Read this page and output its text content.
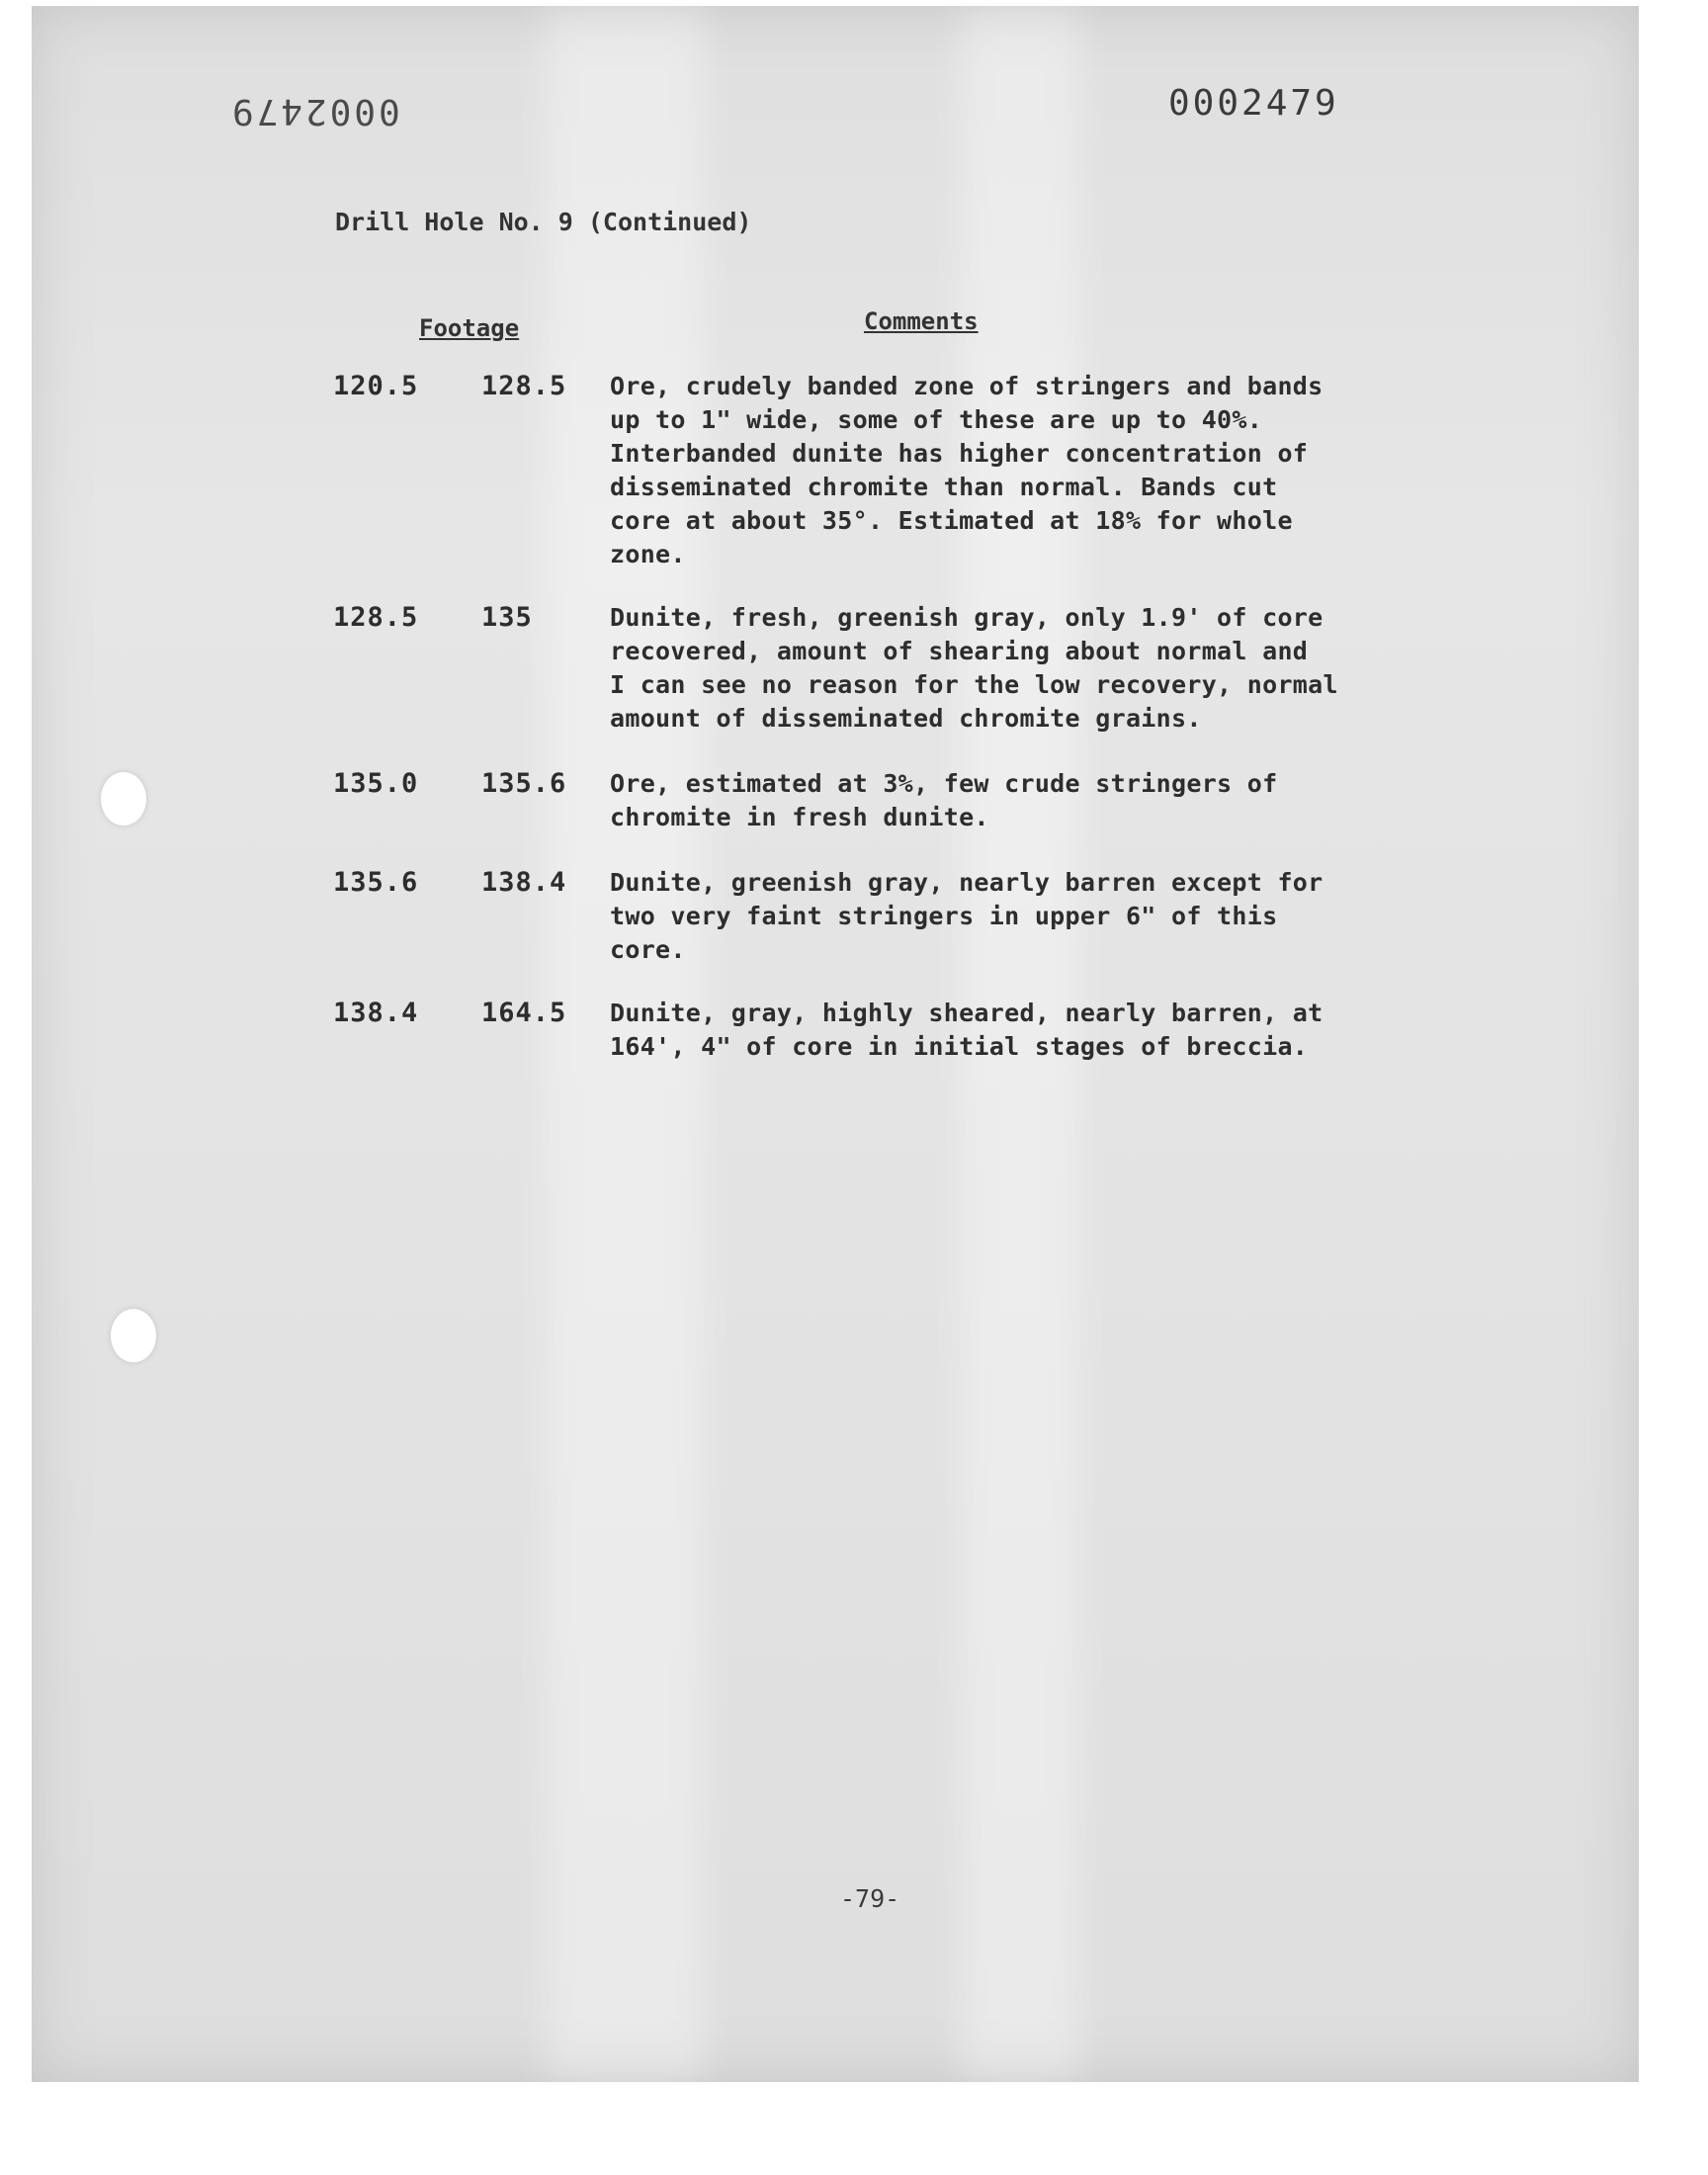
0002479	0002479
Drill Hole No. 9 (Continued)
Footage	Comments
120.5	128.5	Ore, crudely banded zone of stringers and bands
up to 1" wide, some of these are up to 40%.
Interbanded dunite has higher concentration of
disseminated chromite than normal. Bands cut
core at about 35°. Estimated at 18% for whole
zone.
128.5	135	Dunite, fresh, greenish gray, only 1.9' of core
recovered, amount of shearing about normal and
I can see no reason for the low recovery, normal
amount of disseminated chromite grains.
135.0	135.6	Ore, estimated at 3%, few crude stringers of
chromite in fresh dunite.
135.6	138.4	Dunite, greenish gray, nearly barren except for
two very faint stringers in upper 6" of this
core.
138.4	164.5	Dunite, gray, highly sheared, nearly barren, at
164', 4" of core in initial stages of breccia.
-79-
